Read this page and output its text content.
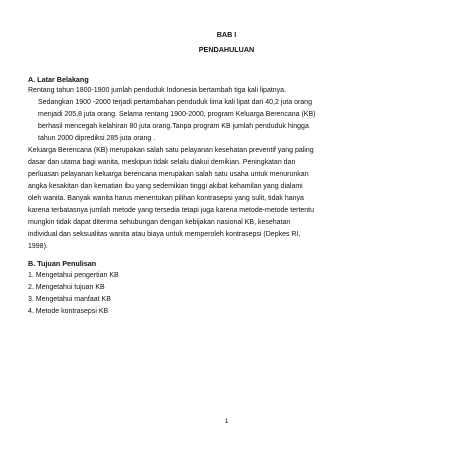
BAB I
PENDAHULUAN
A. Latar Belakang
Rentang tahun 1800-1900 jumlah penduduk Indonesia bertambah tiga kali lipatnya.
Sedangkan 1900 -2000 terjadi pertambahan penduduk lima kali lipat dari 40,2 juta orang
menjadi 205,8 juta orang. Selama rentang 1900-2000, program Keluarga Berencana (KB)
berhasil mencegah kelahiran 80 juta orang.Tanpa program KB jumlah penduduk hingga
tahun 2000 diprediksi 285 juta orang .
Keluarga Berencana (KB) merupakan salah satu pelayanan kesehatan preventif yang paling
dasar dan utama bagi wanita, meskipun tidak selalu diakui demikian. Peningkatan dan
perluasan pelayanan keluarga berencana merupakan salah satu usaha untuk menurunkan
angka kesakitan dan kematian ibu yang sedemikian tinggi akibat kehamilan yang dialami
oleh wanita. Banyak wanita harus menentukan pilihan kontrasepsi yang sulit, tidak hanya
karena terbatasnya jumlah metode yang tersedia tetapi juga karena metode-metode tertentu
mungkin tidak dapat diterima sehubungan dengan kebijakan nasional KB, kesehatan
individual dan seksualitas wanita atau biaya untuk memperoleh kontrasepsi (Depkes RI,
1998).
B. Tujuan Penulisan
1. Mengetahui pengertian KB
2. Mengetahui tujuan KB
3. Mengetahui manfaat KB
4. Metode kontrasepsi KB
1
